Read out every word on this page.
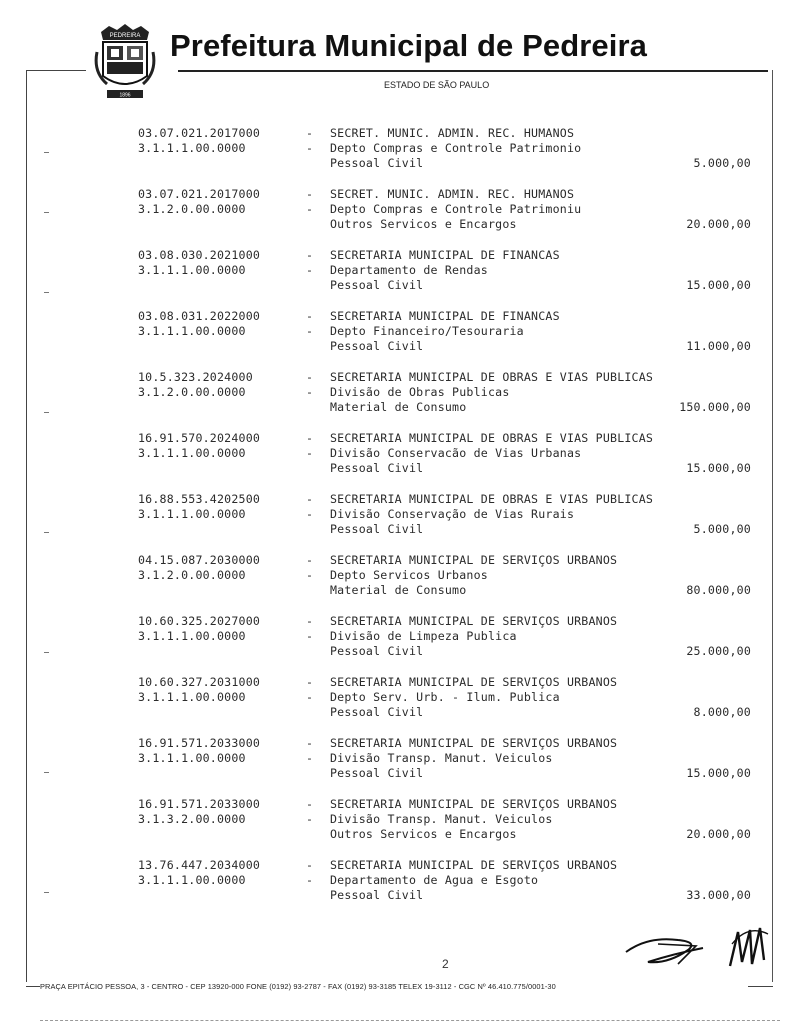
PEDREIRA
1896
Prefeitura Municipal de Pedreira
ESTADO DE SÃO PAULO
03.07.021.2017000	- SECRET. MUNIC. ADMIN. REC. HUMANOS
3.1.1.1.00.0000	- Depto Compras e Controle Patrimonio
Pessoal Civil	5.000,00
03.07.021.2017000	- SECRET. MUNIC. ADMIN. REC. HUMANOS
3.1.2.0.00.0000	- Depto Compras e Controle Patrimoniu
Outros Servicos e Encargos	20.000,00
03.08.030.2021000	- SECRETARIA MUNICIPAL DE FINANCAS
3.1.1.1.00.0000	- Departamento de Rendas
Pessoal Civil	15.000,00
03.08.031.2022000	- SECRETARIA MUNICIPAL DE FINANCAS
3.1.1.1.00.0000	- Depto Financeiro/Tesouraria
Pessoal Civil	11.000,00
10.5.323.2024000	- SECRETARIA MUNICIPAL DE OBRAS E VIAS PUBLICAS
3.1.2.0.00.0000	- Divisão de Obras Publicas
Material de Consumo	150.000,00
16.91.570.2024000	- SECRETARIA MUNICIPAL DE OBRAS E VIAS PUBLICAS
3.1.1.1.00.0000	- Divisão Conservacão de Vias Urbanas
Pessoal Civil	15.000,00
16.88.553.4202500	- SECRETARIA MUNICIPAL DE OBRAS E VIAS PUBLICAS
3.1.1.1.00.0000	- Divisão Conservação de Vias Rurais
Pessoal Civil	5.000,00
04.15.087.2030000	- SECRETARIA MUNICIPAL DE SERVIÇOS URBANOS
3.1.2.0.00.0000	- Depto Servicos Urbanos
Material de Consumo	80.000,00
10.60.325.2027000	- SECRETARIA MUNICIPAL DE SERVIÇOS URBANOS
3.1.1.1.00.0000	- Divisão de Limpeza Publica
Pessoal Civil	25.000,00
10.60.327.2031000	- SECRETARIA MUNICIPAL DE SERVIÇOS URBANOS
3.1.1.1.00.0000	- Depto Serv. Urb. - Ilum. Publica
Pessoal Civil	8.000,00
16.91.571.2033000	- SECRETARIA MUNICIPAL DE SERVIÇOS URBANOS
3.1.1.1.00.0000	- Divisão Transp. Manut. Veiculos
Pessoal Civil	15.000,00
16.91.571.2033000	- SECRETARIA MUNICIPAL DE SERVIÇOS URBANOS
3.1.3.2.00.0000	- Divisão Transp. Manut. Veiculos
Outros Servicos e Encargos	20.000,00
13.76.447.2034000	- SECRETARIA MUNICIPAL DE SERVIÇOS URBANOS
3.1.1.1.00.0000	- Departamento de Agua e Esgoto
Pessoal Civil	33.000,00
2
PRAÇA EPITÁCIO PESSOA, 3 - CENTRO - CEP 13920-000 FONE (0192) 93-2787 - FAX (0192) 93-3185 TELEX 19-3112 - CGC Nº 46.410.775/0001-30
